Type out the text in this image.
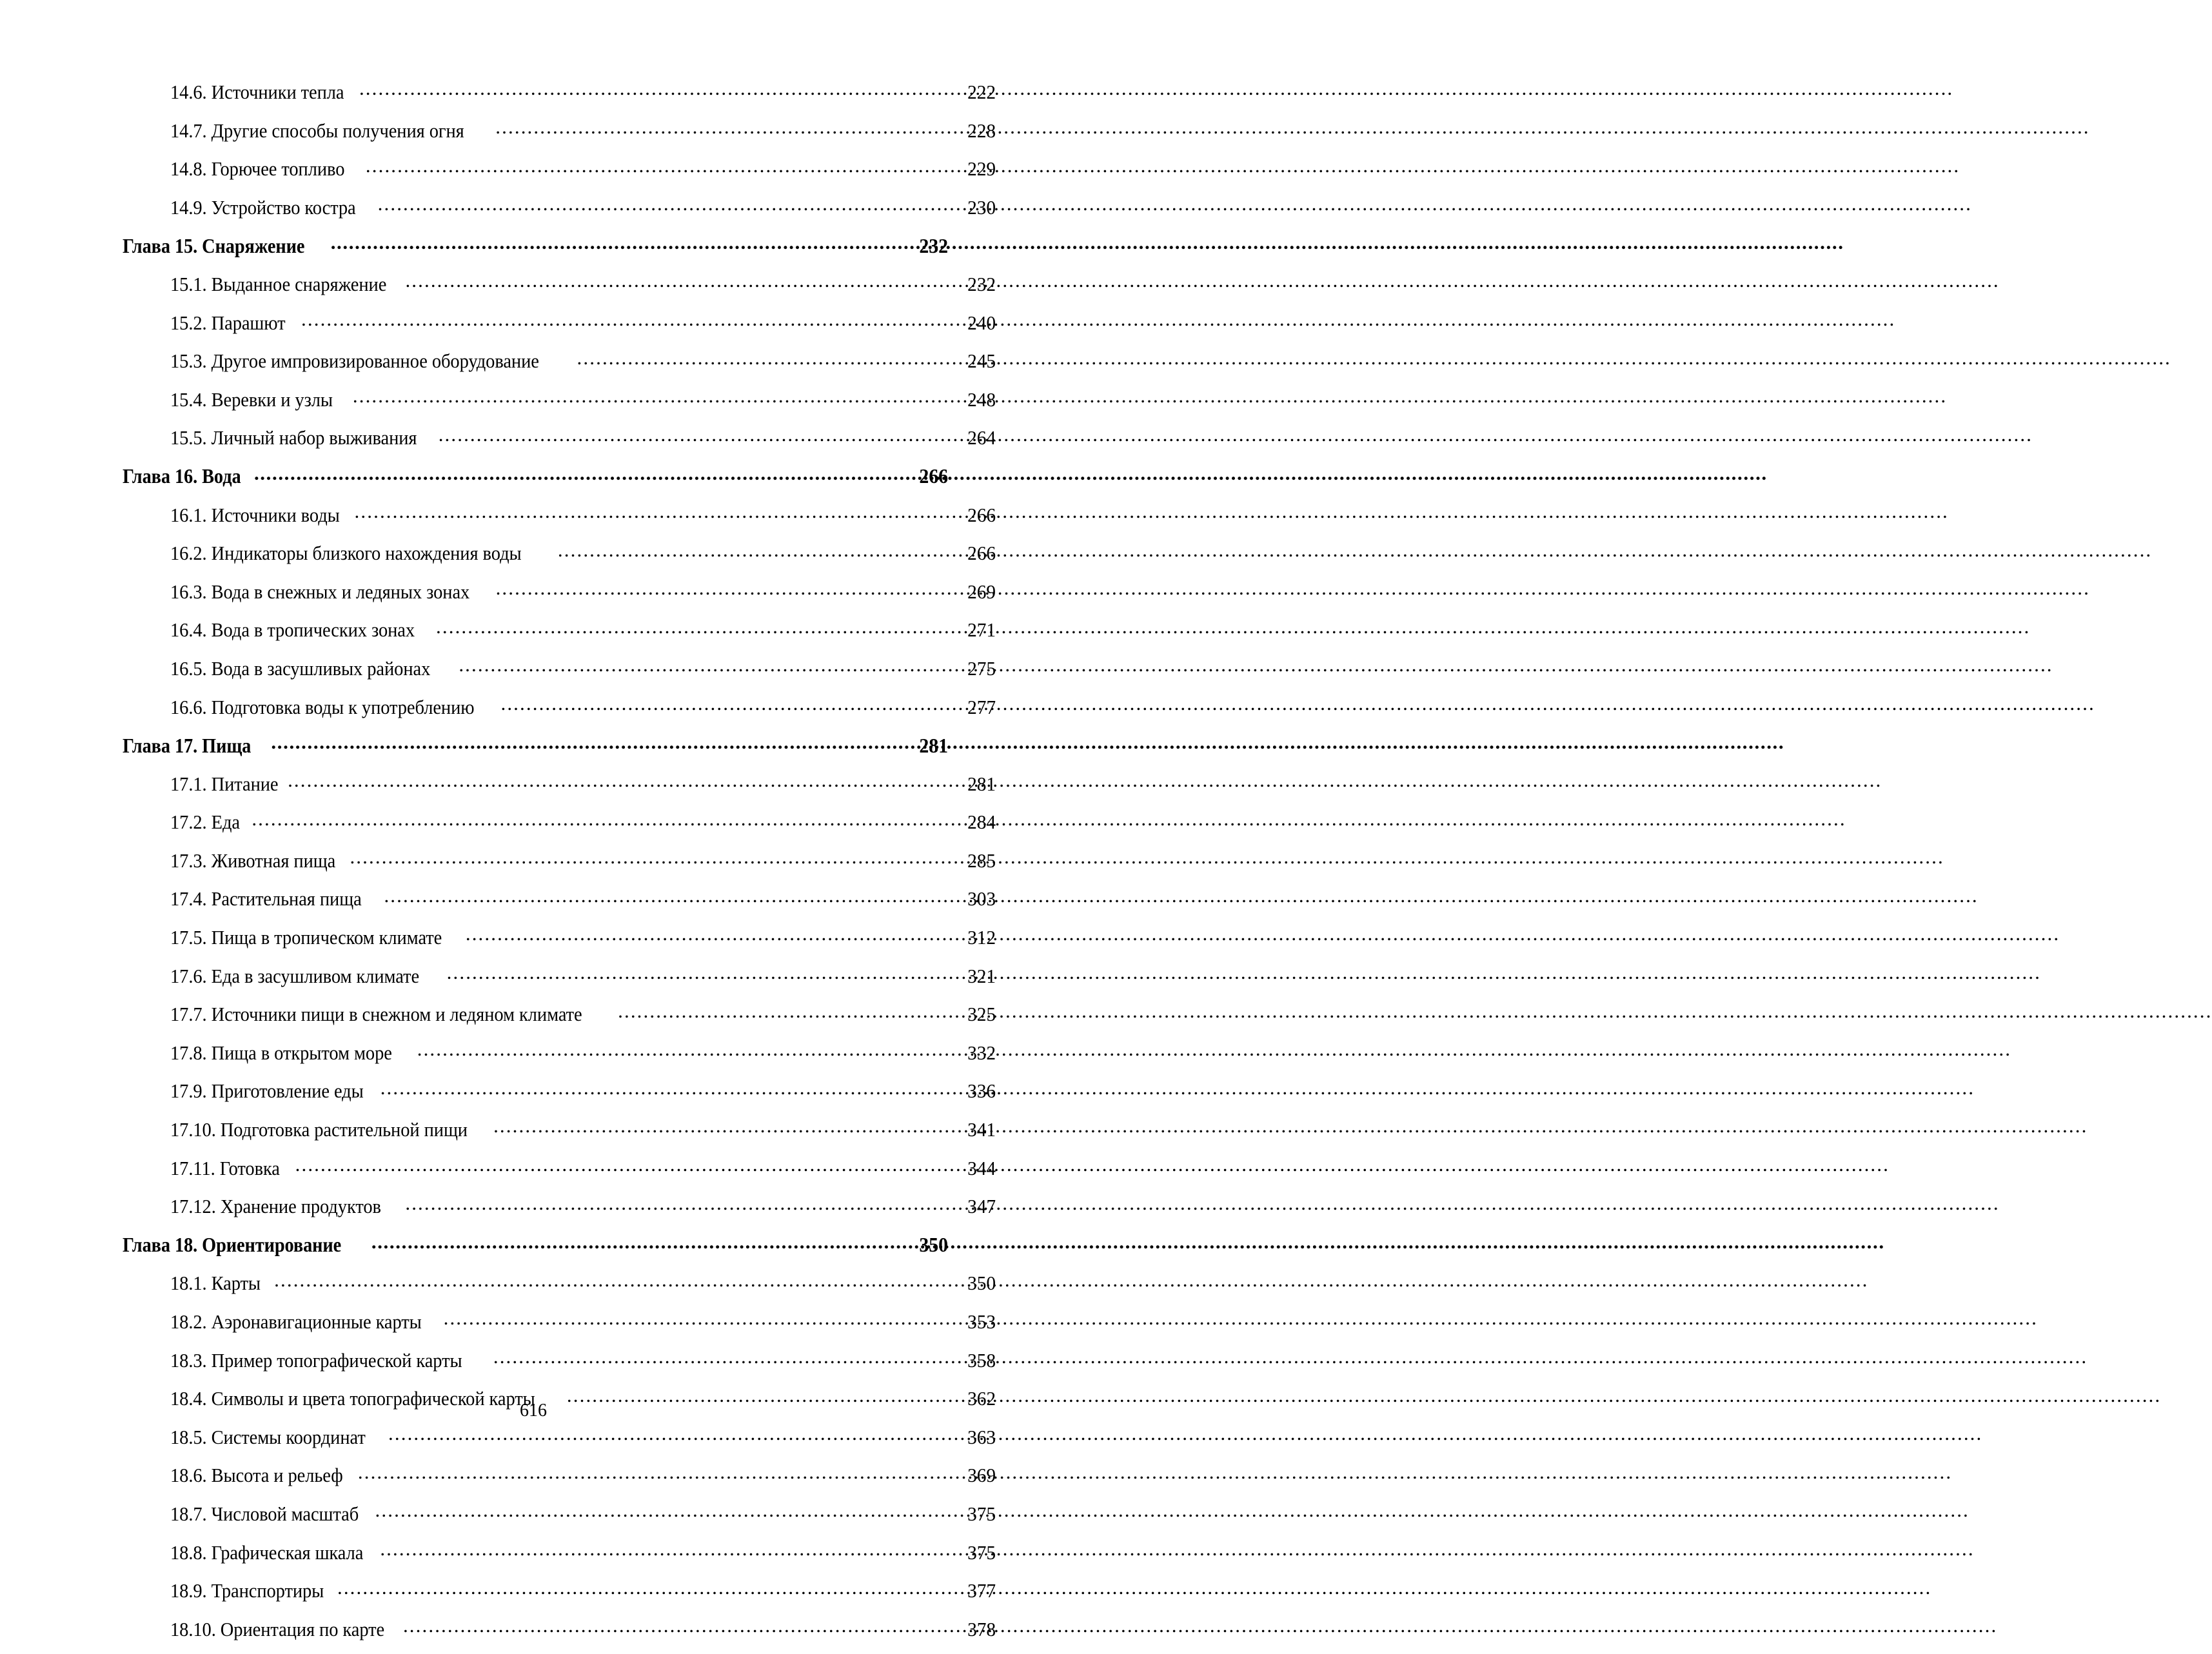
14.6. Источники тепла .....	222
14.7. Другие способы получения огня .....	228
14.8. Горючее топливо .....	229
14.9. Устройство костра .....	230
Глава 15. Снаряжение .....	232
15.1. Выданное снаряжение .....	232
15.2. Парашют .....	240
15.3. Другое импровизированное оборудование .....	245
15.4. Веревки и узлы .....	248
15.5. Личный набор выживания .....	264
Глава 16. Вода .....	266
16.1. Источники воды .....	266
16.2. Индикаторы близкого нахождения воды .....	266
16.3. Вода в снежных и ледяных зонах .....	269
16.4. Вода в тропических зонах .....	271
16.5. Вода в засушливых районах .....	275
16.6. Подготовка воды к употреблению .....	277
Глава 17. Пища .....	281
17.1. Питание .....	281
17.2. Еда .....	284
17.3. Животная пища .....	285
17.4. Растительная пища .....	303
17.5. Пища в тропическом климате .....	312
17.6. Еда в засушливом климате .....	321
17.7. Источники пищи в снежном и ледяном климате .....	325
17.8. Пища в открытом море .....	332
17.9. Приготовление еды .....	336
17.10. Подготовка растительной пищи .....	341
17.11. Готовка .....	344
17.12. Хранение продуктов .....	347
Глава 18. Ориентирование .....	350
18.1. Карты .....	350
18.2. Аэронавигационные карты .....	353
18.3. Пример топографической карты .....	358
18.4. Символы и цвета топографической карты .....	362
18.5. Системы координат .....	363
18.6. Высота и рельеф .....	369
18.7. Числовой масштаб .....	375
18.8. Графическая шкала .....	375
18.9. Транспортиры .....	377
18.10. Ориентация по карте .....	378
616
